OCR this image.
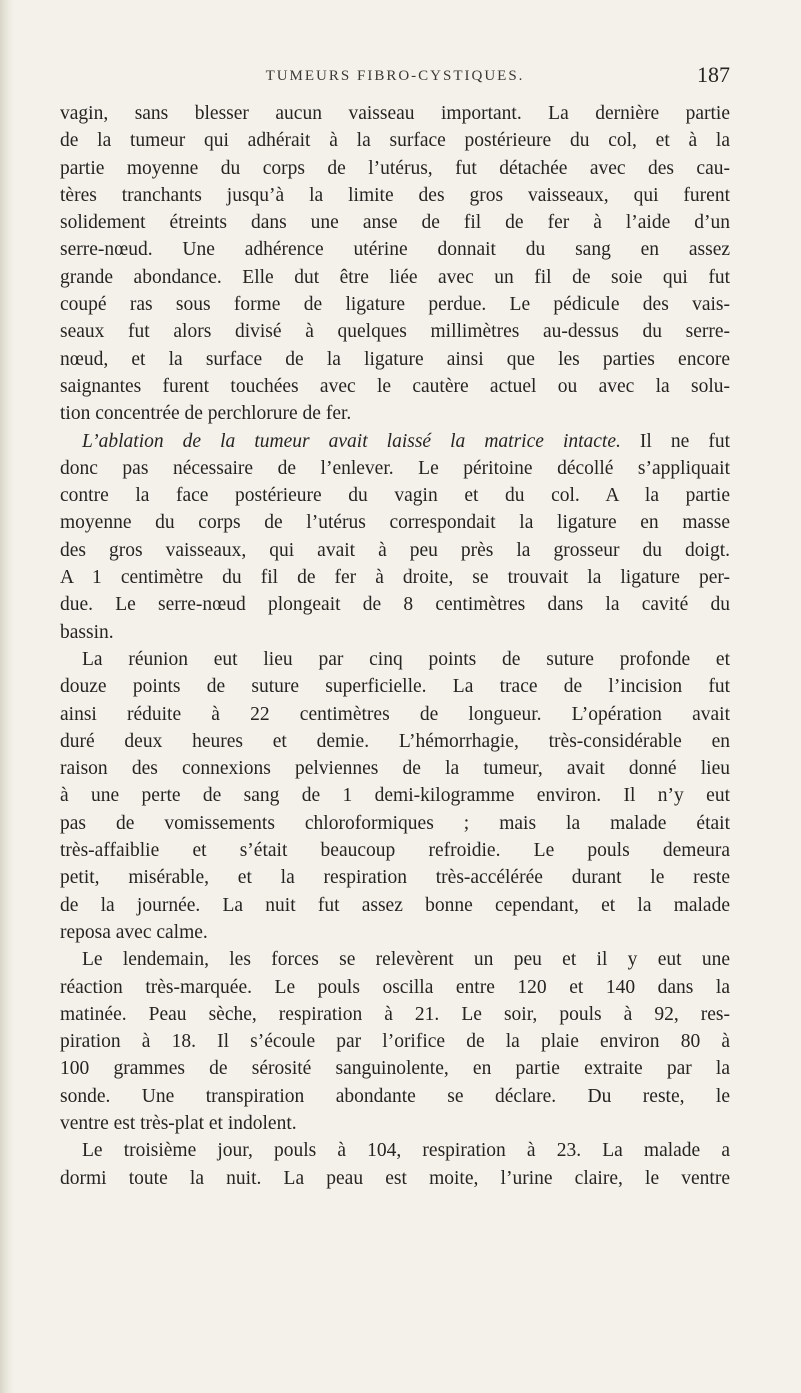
TUMEURS FIBRO-CYSTIQUES.	187
vagin, sans blesser aucun vaisseau important. La dernière partie
de la tumeur qui adhérait à la surface postérieure du col, et à la
partie moyenne du corps de l’utérus, fut détachée avec des cau-
tères tranchants jusqu’à la limite des gros vaisseaux, qui furent
solidement étreints dans une anse de fil de fer à l’aide d’un
serre-nœud. Une adhérence utérine donnait du sang en assez
grande abondance. Elle dut être liée avec un fil de soie qui fut
coupé ras sous forme de ligature perdue. Le pédicule des vais-
seaux fut alors divisé à quelques millimètres au-dessus du serre-
nœud, et la surface de la ligature ainsi que les parties encore
saignantes furent touchées avec le cautère actuel ou avec la solu-
tion concentrée de perchlorure de fer.
L’ablation de la tumeur avait laissé la matrice intacte. Il ne fut
donc pas nécessaire de l’enlever. Le péritoine décollé s’appliquait
contre la face postérieure du vagin et du col. A la partie
moyenne du corps de l’utérus correspondait la ligature en masse
des gros vaisseaux, qui avait à peu près la grosseur du doigt.
A 1 centimètre du fil de fer à droite, se trouvait la ligature per-
due. Le serre-nœud plongeait de 8 centimètres dans la cavité du
bassin.
La réunion eut lieu par cinq points de suture profonde et
douze points de suture superficielle. La trace de l’incision fut
ainsi réduite à 22 centimètres de longueur. L’opération avait
duré deux heures et demie. L’hémorrhagie, très-considérable en
raison des connexions pelviennes de la tumeur, avait donné lieu
à une perte de sang de 1 demi-kilogramme environ. Il n’y eut
pas de vomissements chloroformiques ; mais la malade était
très-affaiblie et s’était beaucoup refroidie. Le pouls demeura
petit, misérable, et la respiration très-accélérée durant le reste
de la journée. La nuit fut assez bonne cependant, et la malade
reposa avec calme.
Le lendemain, les forces se relevèrent un peu et il y eut une
réaction très-marquée. Le pouls oscilla entre 120 et 140 dans la
matinée. Peau sèche, respiration à 21. Le soir, pouls à 92, res-
piration à 18. Il s’écoule par l’orifice de la plaie environ 80 à
100 grammes de sérosité sanguinolente, en partie extraite par la
sonde. Une transpiration abondante se déclare. Du reste, le
ventre est très-plat et indolent.
Le troisième jour, pouls à 104, respiration à 23. La malade a
dormi toute la nuit. La peau est moite, l’urine claire, le ventre
